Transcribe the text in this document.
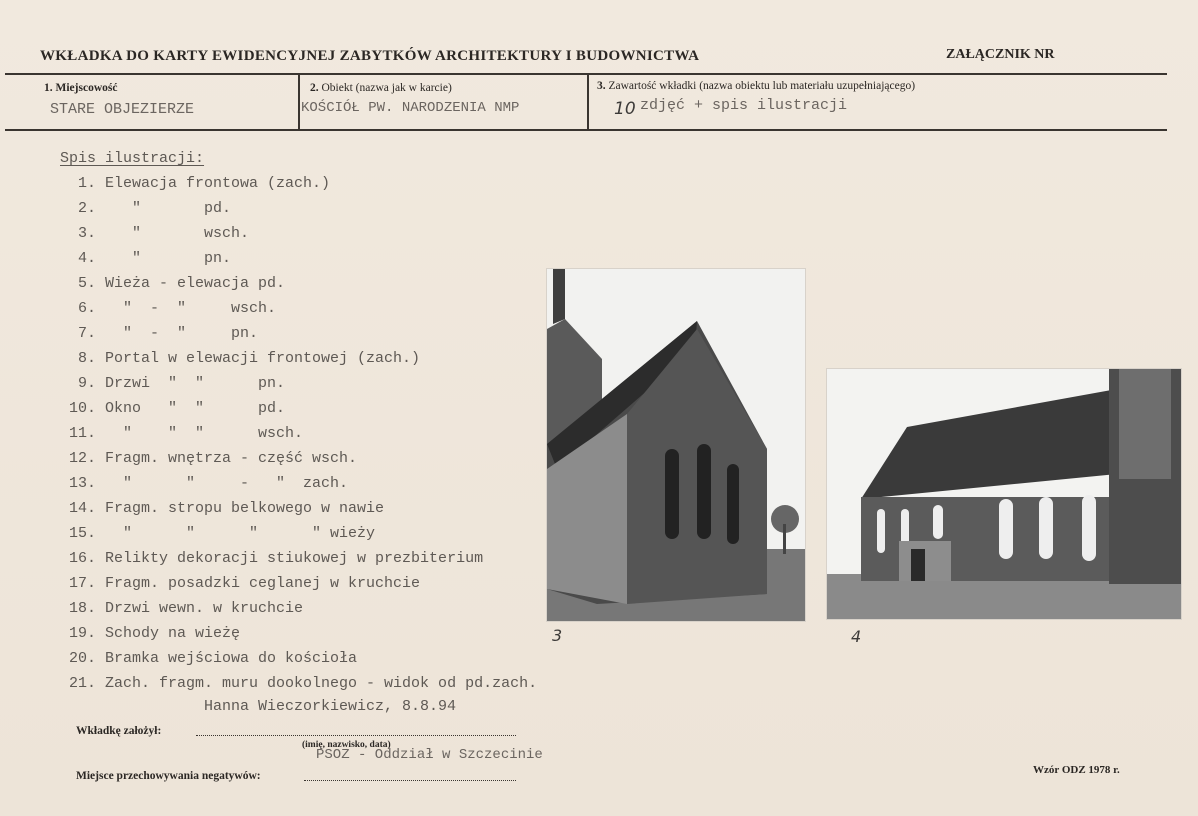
WKŁADKA DO KARTY EWIDENCYJNEJ ZABYTKÓW ARCHITEKTURY I BUDOWNICTWA	ZAŁĄCZNIK NR
1. Miejscowość
STARE OBJEZIERZE
2. Obiekt (nazwa jak w karcie)
KOŚCIÓŁ PW. NARODZENIA NMP
3. Zawartość wkładki (nazwa obiektu lub materiału uzupełniającego)
10 zdjęć + spis ilustracji
Spis ilustracji:
1. Elewacja frontowa (zach.)
2.    "       pd.
3.    "       wsch.
4.    "       pn.
5. Wieża - elewacja pd.
6.   "  -  "     wsch.
7.   "  -  "     pn.
8. Portal w elewacji frontowej (zach.)
9. Drzwi  "  "      pn.
10. Okno   "  "      pd.
11.   "    "  "      wsch.
12. Fragm. wnętrza - część wsch.
13.   "      "     -   "  zach.
14. Fragm. stropu belkowego w nawie
15.   "      "      "      " wieży
16. Relikty dekoracji stiukowej w prezbiterium
17. Fragm. posadzki ceglanej w kruchcie
18. Drzwi wewn. w kruchcie
19. Schody na wieżę
20. Bramka wejściowa do kościoła
21. Zach. fragm. muru dookolnego - widok od pd.zach.
Hanna Wieczorkiewicz, 8.8.94
3	4
Wkładkę założył:
(imię, nazwisko, data)
PSOZ - Oddział w Szczecinie
Miejsce przechowywania negatywów:	Wzór ODZ 1978 r.
